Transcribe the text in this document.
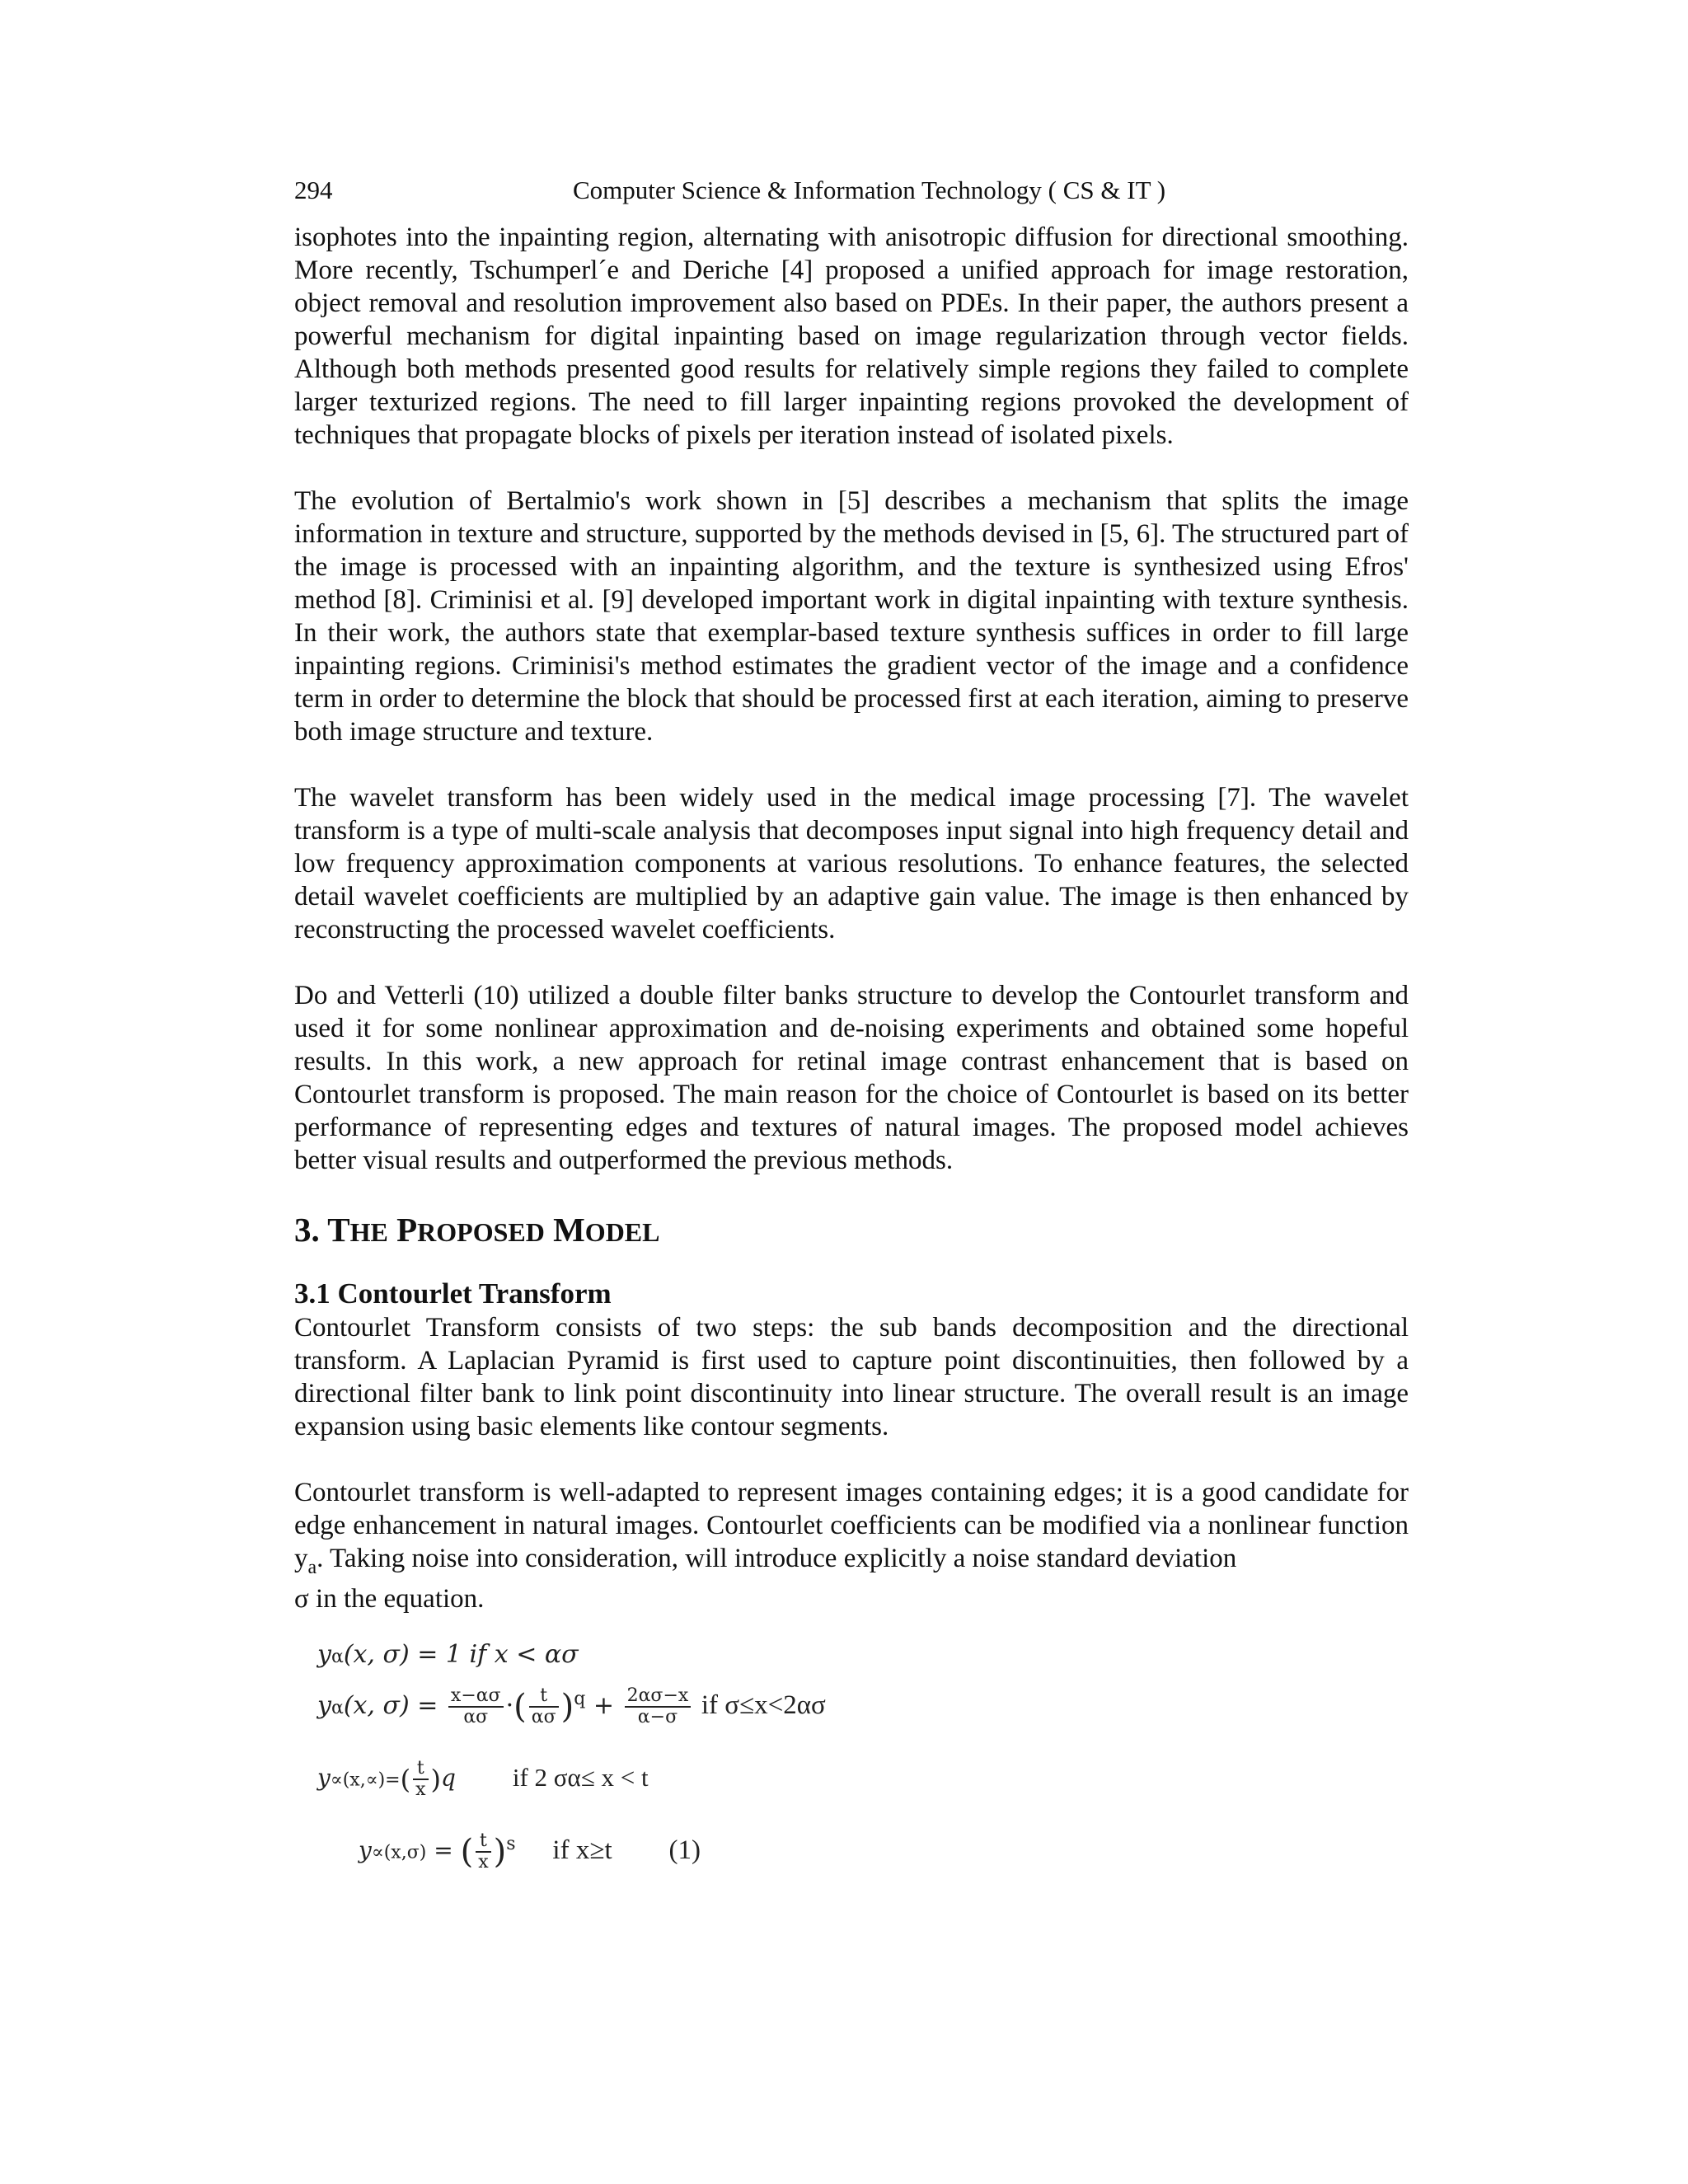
294	Computer Science & Information Technology ( CS & IT )

isophotes into the inpainting region, alternating with anisotropic diffusion for directional smoothing. More recently, Tschumperl´e and Deriche [4] proposed a unified approach for image restoration, object removal and resolution improvement also based on PDEs. In their paper, the authors present a powerful mechanism for digital inpainting based on image regularization through vector fields. Although both methods presented good results for relatively simple regions they failed to complete larger texturized regions. The need to fill larger inpainting regions provoked the development of techniques that propagate blocks of pixels per iteration instead of isolated pixels.

The evolution of Bertalmio's work shown in [5] describes a mechanism that splits the image information in texture and structure, supported by the methods devised in [5, 6]. The structured part of the image is processed with an inpainting algorithm, and the texture is synthesized using Efros' method [8]. Criminisi et al. [9] developed important work in digital inpainting with texture synthesis. In their work, the authors state that exemplar-based texture synthesis suffices in order to fill large inpainting regions. Criminisi's method estimates the gradient vector of the image and a confidence term in order to determine the block that should be processed first at each iteration, aiming to preserve both image structure and texture.

The wavelet transform has been widely used in the medical image processing [7]. The wavelet transform is a type of multi-scale analysis that decomposes input signal into high frequency detail and low frequency approximation components at various resolutions. To enhance features, the selected detail wavelet coefficients are multiplied by an adaptive gain value. The image is then enhanced by reconstructing the processed wavelet coefficients.

Do and Vetterli (10) utilized a double filter banks structure to develop the Contourlet transform and used it for some nonlinear approximation and de-noising experiments and obtained some hopeful results. In this work, a new approach for retinal image contrast enhancement that is based on Contourlet transform is proposed. The main reason for the choice of Contourlet is based on its better performance of representing edges and textures of natural images. The proposed model achieves better visual results and outperformed the previous methods.

3. THE PROPOSED MODEL
3.1 Contourlet Transform

Contourlet Transform consists of two steps: the sub bands decomposition and the directional transform. A Laplacian Pyramid is first used to capture point discontinuities, then followed by a directional filter bank to link point discontinuity into linear structure. The overall result is an image expansion using basic elements like contour segments.

Contourlet transform is well-adapted to represent images containing edges; it is a good candidate for edge enhancement in natural images. Contourlet coefficients can be modified via a nonlinear function $y_a$. Taking noise into consideration, will introduce explicitly a noise standard deviation

σ in the equation.

yα(x, σ) = 1 if x < ασ
yα(x, $\sigma) = \frac{x-\alpha\sigma}{\alpha\sigma}$ ·( $\frac{t}{\alpha\sigma} )^q + \frac{2\alpha\sigma-x}{\alpha-\sigma}$ if σ≤x<2ασ
$y\propto(x,\propto)=( \frac{t}{x} )q$ if 2 σα≤ x < t
y∝(x,σ) = ( $\frac{t}{x} )^s$ if x≥t (1)
